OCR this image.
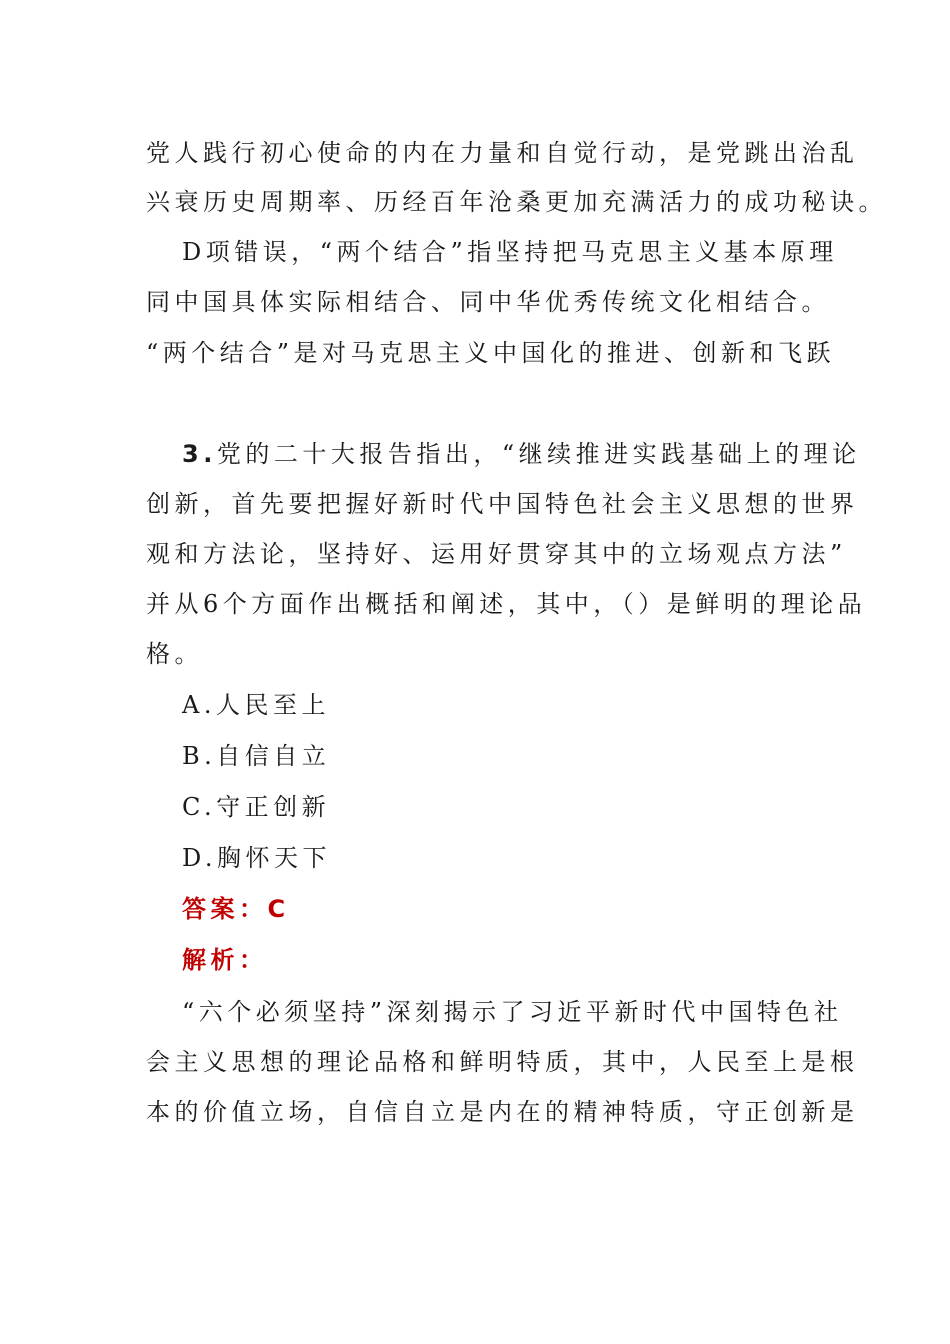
党人践行初心使命的内在力量和自觉行动，是党跳出治乱
兴衰历史周期率、历经百年沧桑更加充满活力的成功秘诀。
D项错误，“两个结合”指坚持把马克思主义基本原理
同中国具体实际相结合、同中华优秀传统文化相结合。
“两个结合”是对马克思主义中国化的推进、创新和飞跃
3.党的二十大报告指出，“继续推进实践基础上的理论
创新，首先要把握好新时代中国特色社会主义思想的世界
观和方法论，坚持好、运用好贯穿其中的立场观点方法”
并从6个方面作出概括和阐述，其中，（）是鲜明的理论品
格。
A.人民至上
B.自信自立
C.守正创新
D.胸怀天下
答案：C
解析：
“六个必须坚持”深刻揭示了习近平新时代中国特色社
会主义思想的理论品格和鲜明特质，其中，人民至上是根
本的价值立场，自信自立是内在的精神特质，守正创新是
